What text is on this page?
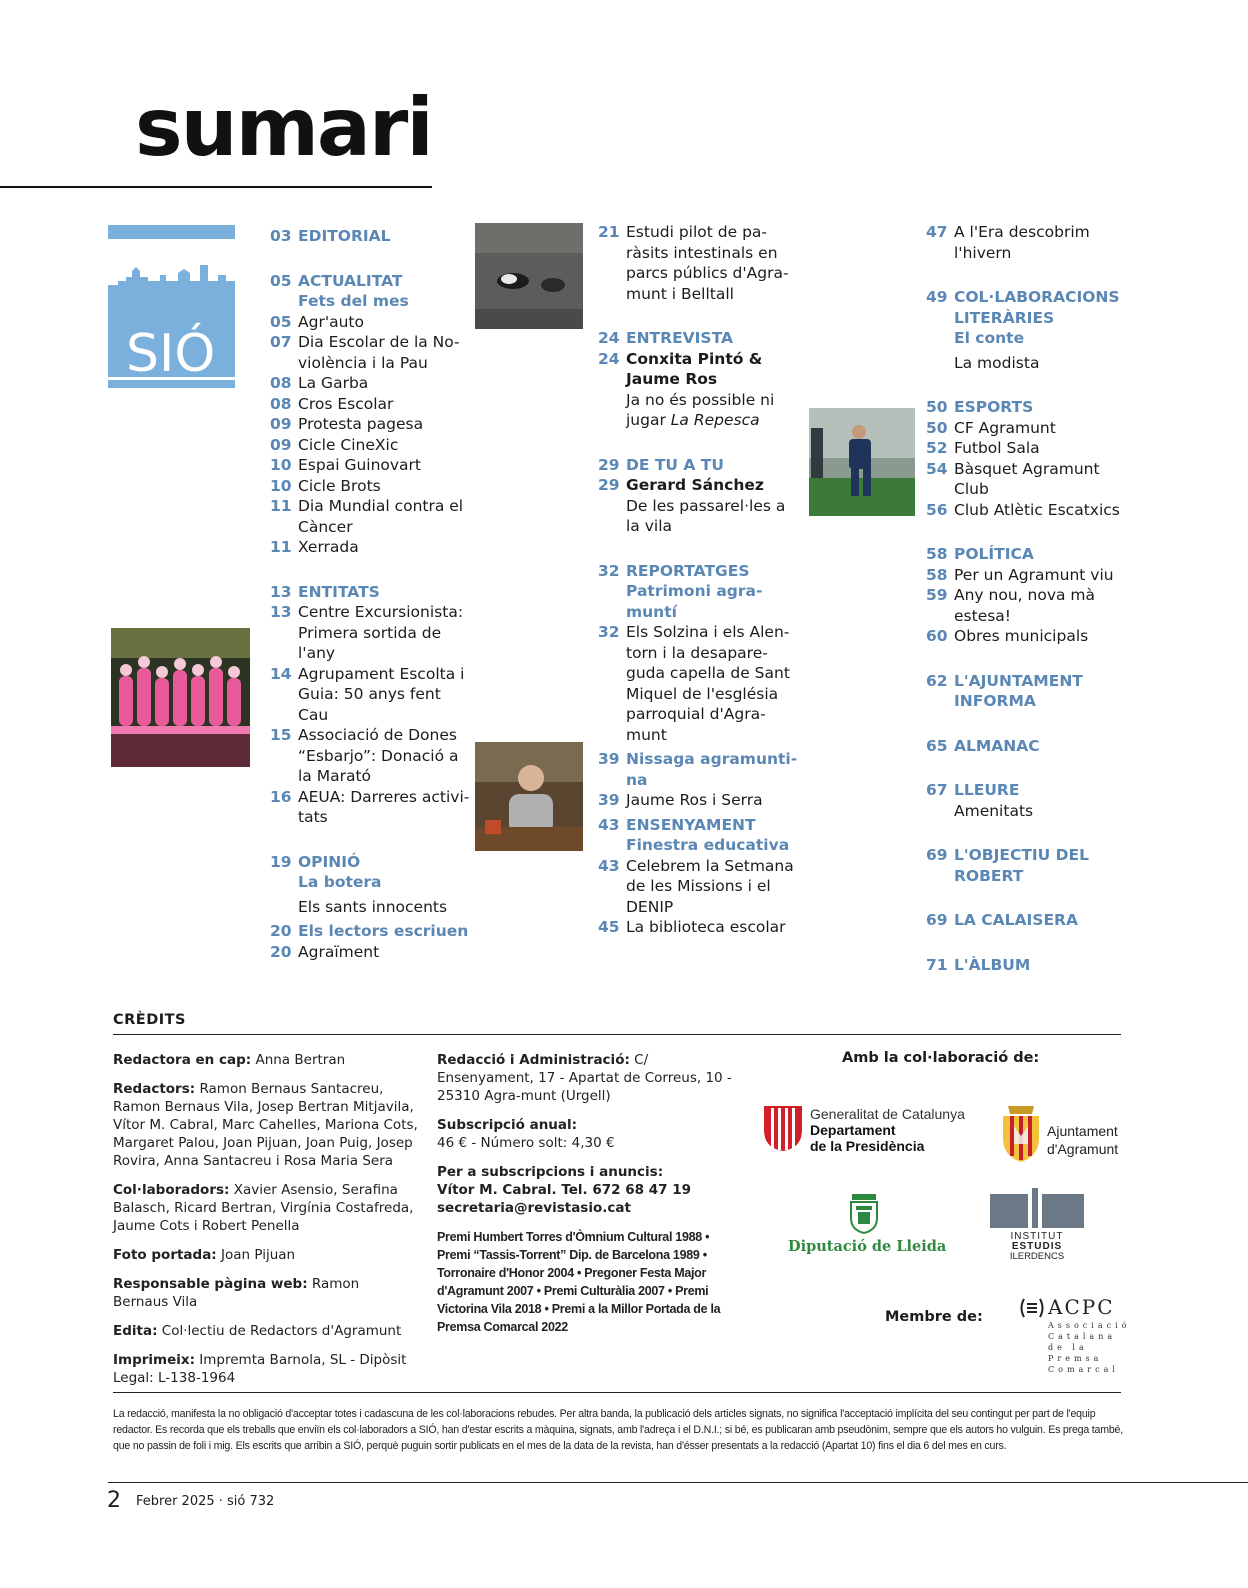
sumari
SIÓ
03 EDITORIAL
05 ACTUALITAT
Fets del mes
05 Agr'auto
07 Dia Escolar de la No-violència i la Pau
08 La Garba
08 Cros Escolar
09 Protesta pagesa
09 Cicle CineXic
10 Espai Guinovart
10 Cicle Brots
11 Dia Mundial contra el Càncer
11 Xerrada
13 ENTITATS
13 Centre Excursionista: Primera sortida de l'any
14 Agrupament Escolta i Guia: 50 anys fent Cau
15 Associació de Dones “Esbarjo”: Donació a la Marató
16 AEUA: Darreres activi-tats
19 OPINIÓ
La botera
Els sants innocents
20 Els lectors escriuen
20 Agraïment
21 Estudi pilot de pa-ràsits intestinals en parcs públics d'Agra-munt i Belltall
24 ENTREVISTA
24 Conxita Pintó & Jaume Ros
Ja no és possible ni jugar La Repesca
29 DE TU A TU
29 Gerard Sánchez
De les passarel·les a la vila
32 REPORTATGES
Patrimoni agra-muntí
32 Els Solzina i els Alen-torn i la desapare-guda capella de Sant Miquel de l'església parroquial d'Agra-munt
39 Nissaga agramunti-na
39 Jaume Ros i Serra
43 ENSENYAMENT
Finestra educativa
43 Celebrem la Setmana de les Missions i el DENIP
45 La biblioteca escolar
47 A l'Era descobrim l'hivern
49 COL·LABORACIONS LITERÀRIES
El conte
La modista
50 ESPORTS
50 CF Agramunt
52 Futbol Sala
54 Bàsquet Agramunt Club
56 Club Atlètic Escatxics
58 POLÍTICA
58 Per un Agramunt viu
59 Any nou, nova mà estesa!
60 Obres municipals
62 L'AJUNTAMENT INFORMA
65 ALMANAC
67 LLEURE
Amenitats
69 L'OBJECTIU DEL ROBERT
69 LA CALAISERA
71 L'ÀLBUM
CRÈDITS

Redactora en cap: Anna Bertran

Redactors: Ramon Bernaus Santacreu, Ramon Bernaus Vila, Josep Bertran Mitjavila, Vítor M. Cabral, Marc Cahelles, Mariona Cots, Margaret Palou, Joan Pijuan, Joan Puig, Josep Rovira, Anna Santacreu i Rosa Maria Sera

Col·laboradors: Xavier Asensio, Serafina Balasch, Ricard Bertran, Virgínia Costafreda, Jaume Cots i Robert Penella

Foto portada: Joan Pijuan

Responsable pàgina web: Ramon Bernaus Vila

Edita: Col·lectiu de Redactors d'Agramunt

Imprimeix: Impremta Barnola, SL - Dipòsit Legal: L-138-1964

Redacció i Administració: C/ Ensenyament, 17 - Apartat de Correus, 10 - 25310 Agra-munt (Urgell)

Subscripció anual:
46 € - Número solt: 4,30 €

Per a subscripcions i anuncis:
Vítor M. Cabral. Tel. 672 68 47 19 secretaria@revistasio.cat

Premi Humbert Torres d'Òmnium Cultural 1988 • Premi “Tassis-Torrent” Dip. de Barcelona 1989 • Torronaire d'Honor 2004 • Pregoner Festa Major d'Agramunt 2007 • Premi Culturàlia 2007 • Premi Victorina Vila 2018 • Premi a la Millor Portada de la Premsa Comarcal 2022
Amb la col·laboració de:
Generalitat de Catalunya
Departament
de la Presidència
Ajuntament
d'Agramunt
Diputació de Lleida
INSTITUT
ESTUDIS
ILERDENCS
Membre de:	ACPC
Associació Catalana de la Premsa Comarcal
La redacció, manifesta la no obligació d'acceptar totes i cadascuna de les col·laboracions rebudes. Per altra banda, la publicació dels articles signats, no significa l'acceptació implícita del seu contingut per part de l'equip redactor. Es recorda que els treballs que enviïn els col·laboradors a SIÓ, han d'estar escrits a màquina, signats, amb l'adreça i el D.N.I.; si bé, es publicaran amb pseudònim, sempre que els autors ho vulguin. Es prega també, que no passin de foli i mig. Els escrits que arribin a SIÓ, perquè puguin sortir publicats en el mes de la data de la revista, han d'ésser presentats a la redacció (Apartat 10) fins el dia 6 del mes en curs.
2 Febrer 2025 · sió 732
